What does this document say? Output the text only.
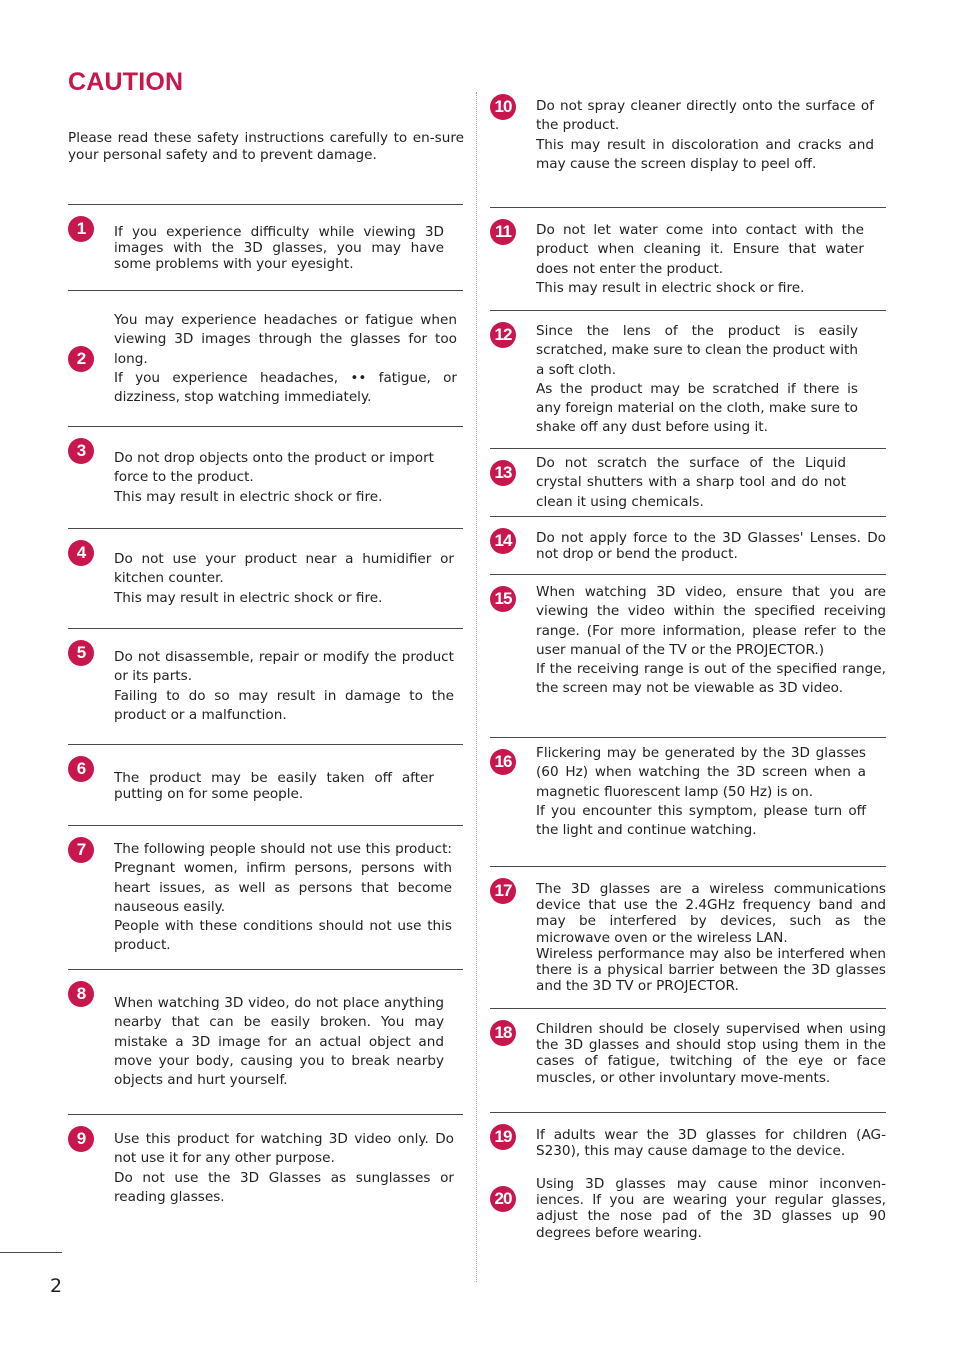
CAUTION
Please read these safety instructions carefully to en-sure your personal safety and to prevent damage.
1	If you experience difficulty while viewing 3D images with the 3D glasses, you may have some problems with your eyesight.
2
You may experience headaches or fatigue when viewing 3D images through the glasses for too long.
If you experience headaches, •• fatigue, or dizziness, stop watching immediately.
3	Do not drop objects onto the product or import force to the product.
This may result in electric shock or fire.
4	Do not use your product near a humidifier or kitchen counter.
This may result in electric shock or fire.
5	Do not disassemble, repair or modify the product or its parts.
Failing to do so may result in damage to the product or a malfunction.
6	The product may be easily taken off after putting on for some people.
7	The following people should not use this product: Pregnant women, infirm persons, persons with heart issues, as well as persons that become nauseous easily.
People with these conditions should not use this product.
8	When watching 3D video, do not place anything nearby that can be easily broken. You may mistake a 3D image for an actual object and move your body, causing you to break nearby objects and hurt yourself.
9	Use this product for watching 3D video only. Do not use it for any other purpose.
Do not use the 3D Glasses as sunglasses or reading glasses.
10	Do not spray cleaner directly onto the surface of the product.
This may result in discoloration and cracks and may cause the screen display to peel off.
11	Do not let water come into contact with the product when cleaning it. Ensure that water does not enter the product.
This may result in electric shock or fire.
12	Since the lens of the product is easily scratched, make sure to clean the product with a soft cloth.
As the product may be scratched if there is any foreign material on the cloth, make sure to shake off any dust before using it.
13	Do not scratch the surface of the Liquid crystal shutters with a sharp tool and do not clean it using chemicals.
14	Do not apply force to the 3D Glasses' Lenses. Do not drop or bend the product.
15	When watching 3D video, ensure that you are viewing the video within the specified receiving range. (For more information, please refer to the user manual of the TV or the PROJECTOR.)
If the receiving range is out of the specified range, the screen may not be viewable as 3D video.
16	Flickering may be generated by the 3D glasses (60 Hz) when watching the 3D screen when a magnetic fluorescent lamp (50 Hz) is on.
If you encounter this symptom, please turn off the light and continue watching.
17	The 3D glasses are a wireless communications device that use the 2.4GHz frequency band and may be interfered by devices, such as the microwave oven or the wireless LAN.
Wireless performance may also be interfered when there is a physical barrier between the 3D glasses and the 3D TV or PROJECTOR.
18	Children should be closely supervised when using the 3D glasses and should stop using them in the cases of fatigue, twitching of the eye or face muscles, or other involuntary move-ments.
19	If adults wear the 3D glasses for children (AG-S230), this may cause damage to the device.
20
Using 3D glasses may cause minor inconven-iences. If you are wearing your regular glasses, adjust the nose pad of the 3D glasses up 90 degrees before wearing.
2
